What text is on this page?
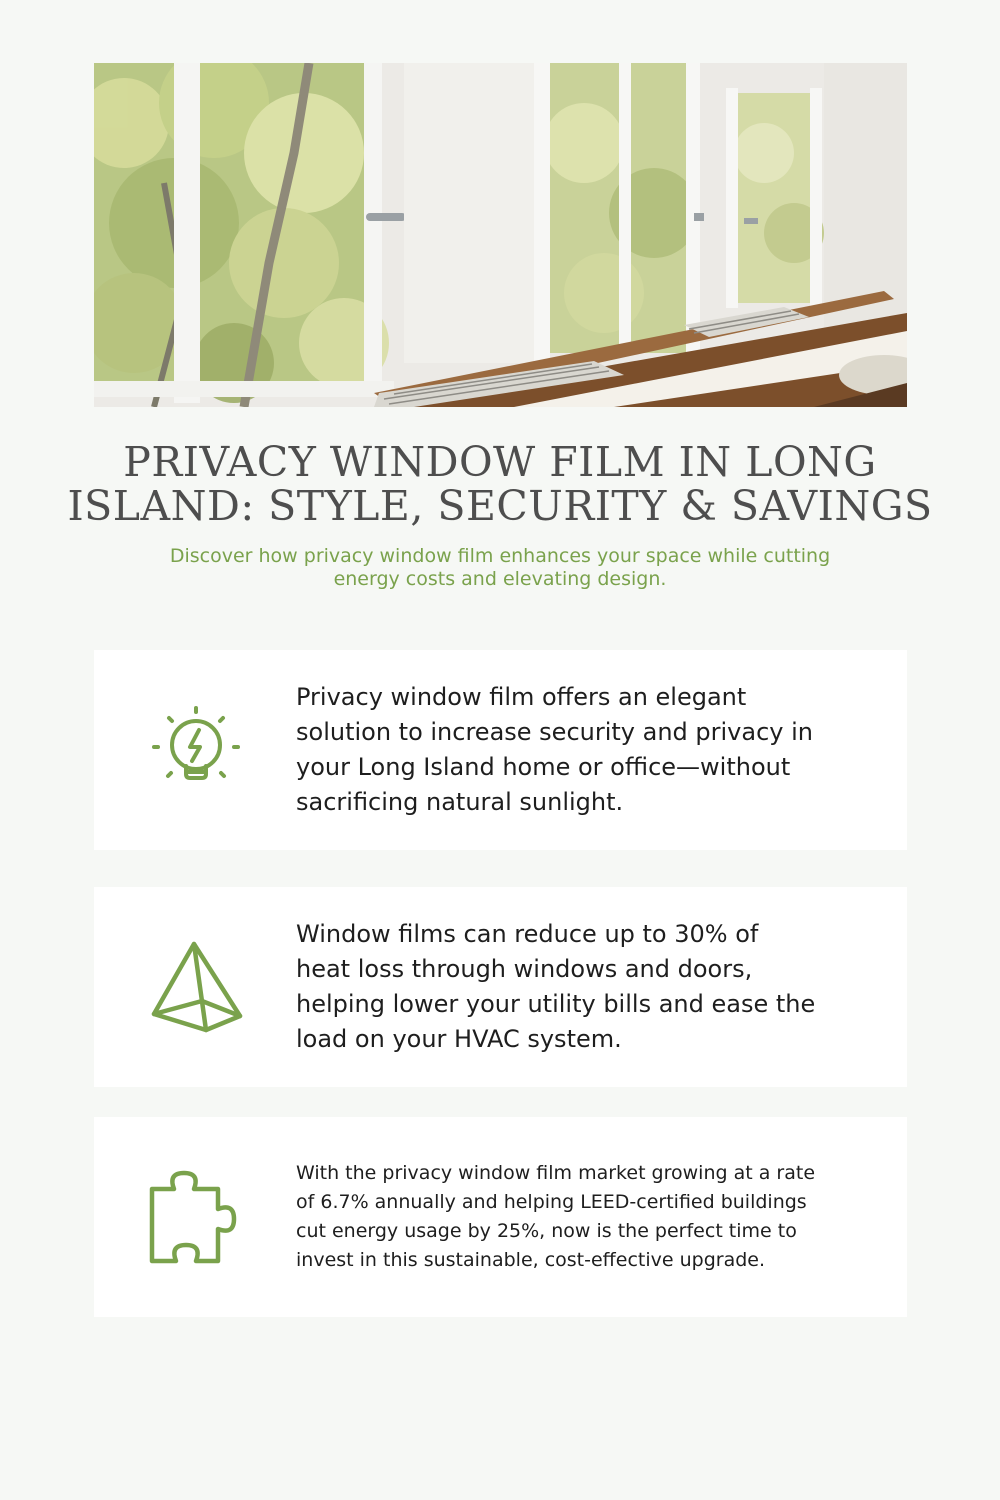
PRIVACY WINDOW FILM IN LONG ISLAND: STYLE, SECURITY & SAVINGS
Discover how privacy window film enhances your space while cutting energy costs and elevating design.
Privacy window film offers an elegant solution to increase security and privacy in your Long Island home or office—without sacrificing natural sunlight.
Window films can reduce up to 30% of heat loss through windows and doors, helping lower your utility bills and ease the load on your HVAC system.
With the privacy window film market growing at a rate of 6.7% annually and helping LEED-certified buildings cut energy usage by 25%, now is the perfect time to invest in this sustainable, cost-effective upgrade.
